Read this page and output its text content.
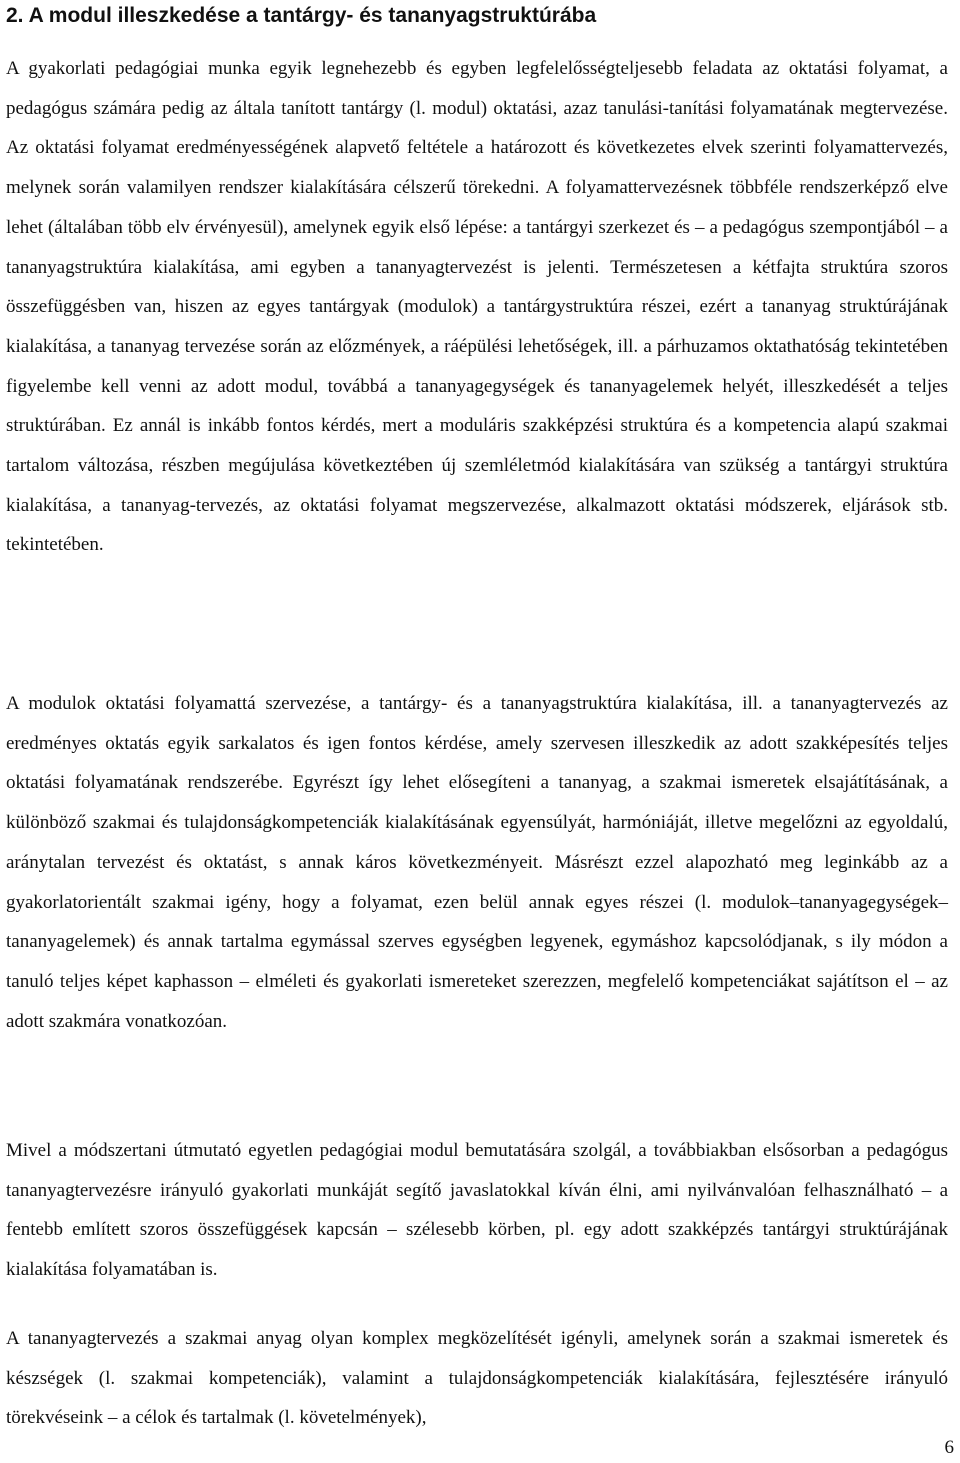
2. A modul illeszkedése a tantárgy- és tananyagstruktúrába

A gyakorlati pedagógiai munka egyik legnehezebb és egyben legfelelősségteljesebb feladata az oktatási folyamat, a pedagógus számára pedig az általa tanított tantárgy (l. modul) oktatási, azaz tanulási-tanítási folyamatának megtervezése. Az oktatási folyamat eredményességének alapvető feltétele a határozott és következetes elvek szerinti folyamattervezés, melynek során valamilyen rendszer kialakítására célszerű törekedni. A folyamattervezésnek többféle rendszerképző elve lehet (általában több elv érvényesül), amelynek egyik első lépése: a tantárgyi szerkezet és – a pedagógus szempontjából – a tananyagstruktúra kialakítása, ami egyben a tananyagtervezést is jelenti. Természetesen a kétfajta struktúra szoros összefüggésben van, hiszen az egyes tantárgyak (modulok) a tantárgystruktúra részei, ezért a tananyag struktúrájának kialakítása, a tananyag tervezése során az előzmények, a ráépülési lehetőségek, ill. a párhuzamos oktathatóság tekintetében figyelembe kell venni az adott modul, továbbá a tananyagegységek és tananyagelemek helyét, illeszkedését a teljes struktúrában. Ez annál is inkább fontos kérdés, mert a moduláris szakképzési struktúra és a kompetencia alapú szakmai tartalom változása, részben megújulása következtében új szemléletmód kialakítására van szükség a tantárgyi struktúra kialakítása, a tananyag-tervezés, az oktatási folyamat megszervezése, alkalmazott oktatási módszerek, eljárások stb. tekintetében.

A modulok oktatási folyamattá szervezése, a tantárgy- és a tananyagstruktúra kialakítása, ill. a tananyagtervezés az eredményes oktatás egyik sarkalatos és igen fontos kérdése, amely szervesen illeszkedik az adott szakképesítés teljes oktatási folyamatának rendszerébe. Egyrészt így lehet elősegíteni a tananyag, a szakmai ismeretek elsajátításának, a különböző szakmai és tulajdonságkompetenciák kialakításának egyensúlyát, harmóniáját, illetve megelőzni az egyoldalú, aránytalan tervezést és oktatást, s annak káros következményeit. Másrészt ezzel alapozható meg leginkább az a gyakorlatorientált szakmai igény, hogy a folyamat, ezen belül annak egyes részei (l. modulok–tananyagegységek–tananyagelemek) és annak tartalma egymással szerves egységben legyenek, egymáshoz kapcsolódjanak, s ily módon a tanuló teljes képet kaphasson – elméleti és gyakorlati ismereteket szerezzen, megfelelő kompetenciákat sajátítson el – az adott szakmára vonatkozóan.

Mivel a módszertani útmutató egyetlen pedagógiai modul bemutatására szolgál, a továbbiakban elsősorban a pedagógus tananyagtervezésre irányuló gyakorlati munkáját segítő javaslatokkal kíván élni, ami nyilvánvalóan felhasználható – a fentebb említett szoros összefüggések kapcsán – szélesebb körben, pl. egy adott szakképzés tantárgyi struktúrájának kialakítása folyamatában is.

A tananyagtervezés a szakmai anyag olyan komplex megközelítését igényli, amelynek során a szakmai ismeretek és készségek (l. szakmai kompetenciák), valamint a tulajdonságkompetenciák kialakítására, fejlesztésére irányuló törekvéseink – a célok és tartalmak (l. követelmények),

6
